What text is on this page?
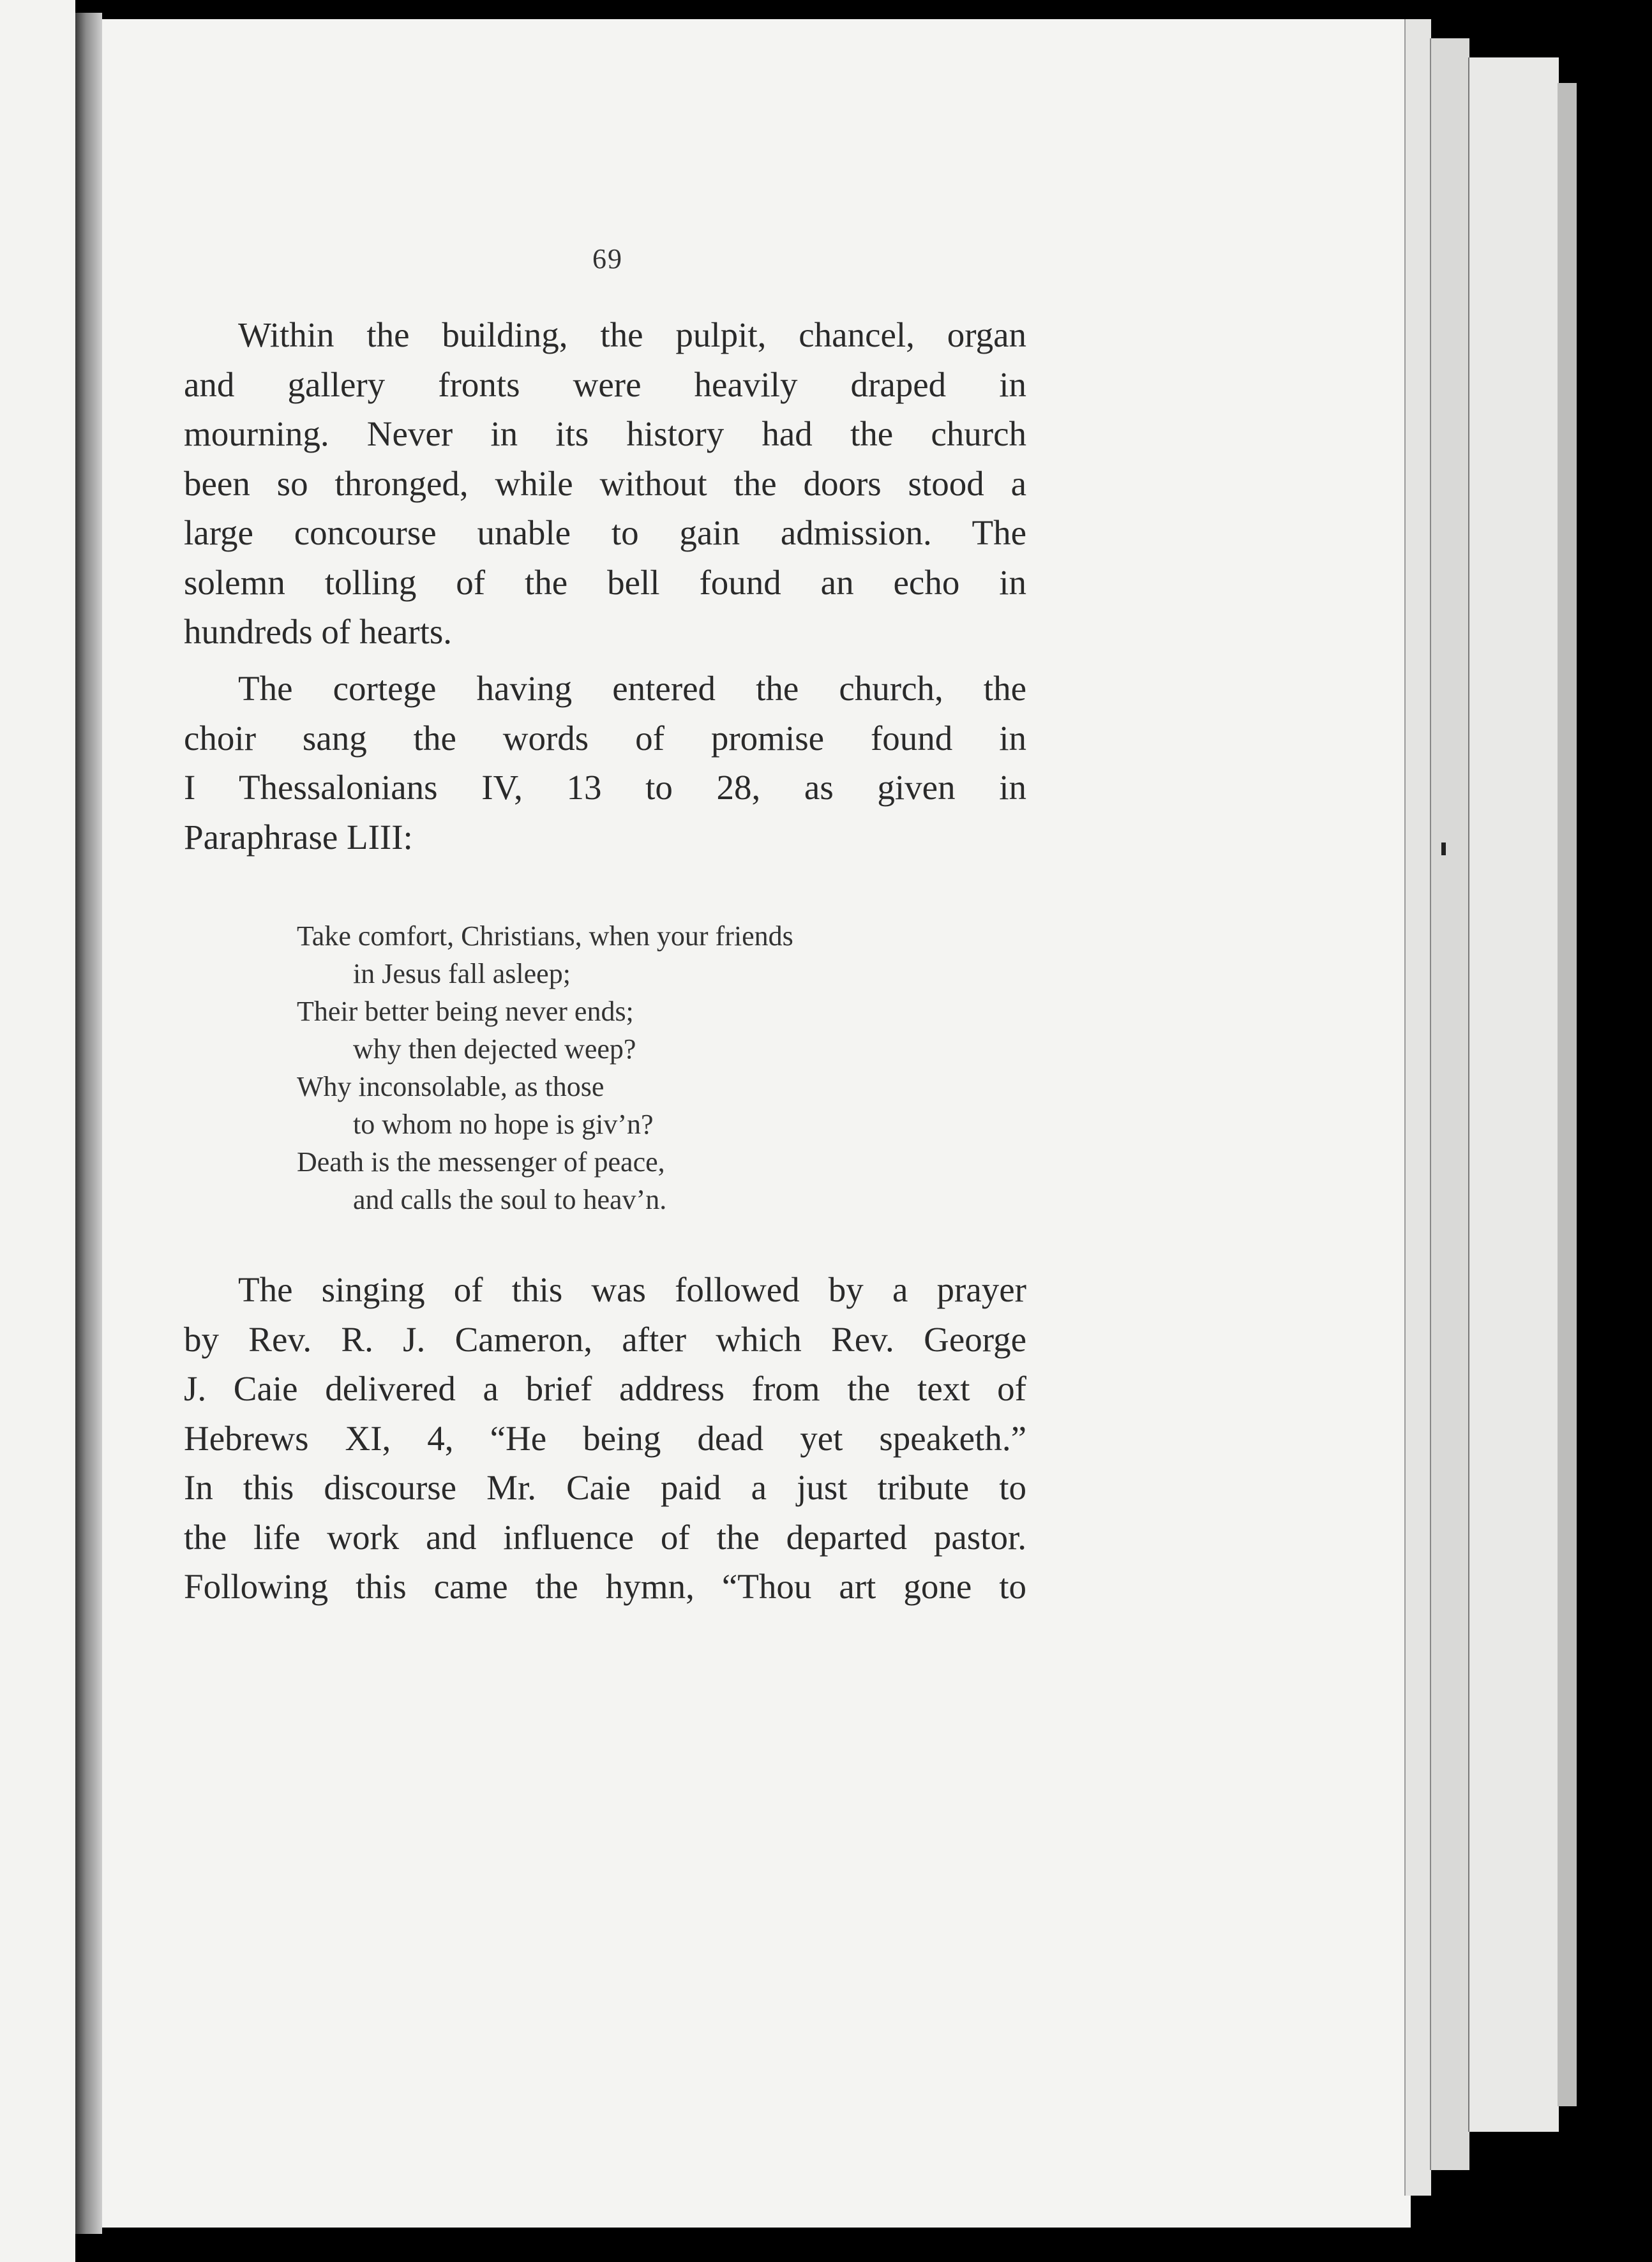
69
Within the building, the pulpit, chancel, organ
and gallery fronts were heavily draped in
mourning. Never in its history had the church
been so thronged, while without the doors stood a
large concourse unable to gain admission. The
solemn tolling of the bell found an echo in
hundreds of hearts.
The cortege having entered the church, the
choir sang the words of promise found in
I Thessalonians IV, 13 to 28, as given in
Paraphrase LIII:
Take comfort, Christians, when your friends
in Jesus fall asleep;
Their better being never ends;
why then dejected weep?
Why inconsolable, as those
to whom no hope is giv’n?
Death is the messenger of peace,
and calls the soul to heav’n.
The singing of this was followed by a prayer
by Rev. R. J. Cameron, after which Rev. George
J. Caie delivered a brief address from the text of
Hebrews XI, 4, “He being dead yet speaketh.”
In this discourse Mr. Caie paid a just tribute to
the life work and influence of the departed pastor.
Following this came the hymn, “Thou art gone to
